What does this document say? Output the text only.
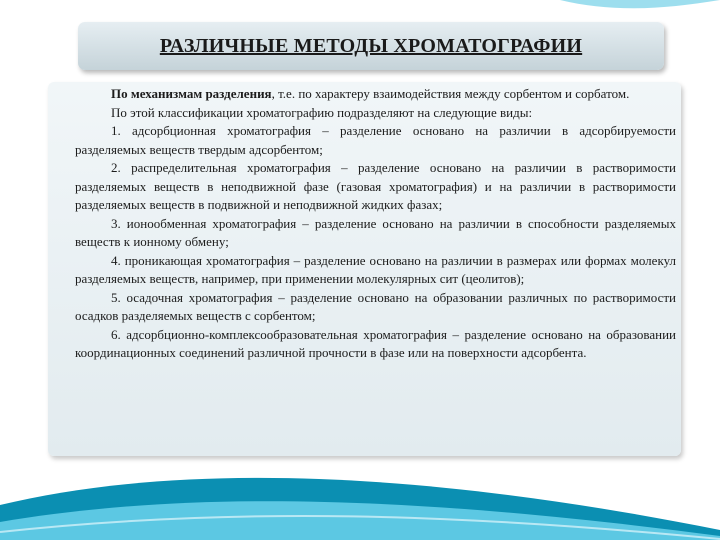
РАЗЛИЧНЫЕ МЕТОДЫ ХРОМАТОГРАФИИ

По механизмам разделения, т.е. по характеру взаимодействия между сорбентом и сорбатом.

По этой классификации хроматографию подразделяют на следующие виды:

1. адсорбционная хроматография – разделение основано на различии в адсорбируемости разделяемых веществ твердым адсорбентом;

2. распределительная хроматография – разделение основано на различии в растворимости разделяемых веществ в неподвижной фазе (газовая хроматография) и на различии в растворимости разделяемых веществ в подвижной и неподвижной жидких фазах;

3. ионообменная хроматография – разделение основано на различии в способности разделяемых веществ к ионному обмену;

4. проникающая хроматография – разделение основано на различии в размерах или формах молекул разделяемых веществ, например, при применении молекулярных сит (цеолитов);

5. осадочная хроматография – разделение основано на образовании различных по растворимости осадков разделяемых веществ с сорбентом;

6. адсорбционно-комплексообразовательная хроматография – разделение основано на образовании координационных соединений различной прочности в фазе или на поверхности адсорбента.
